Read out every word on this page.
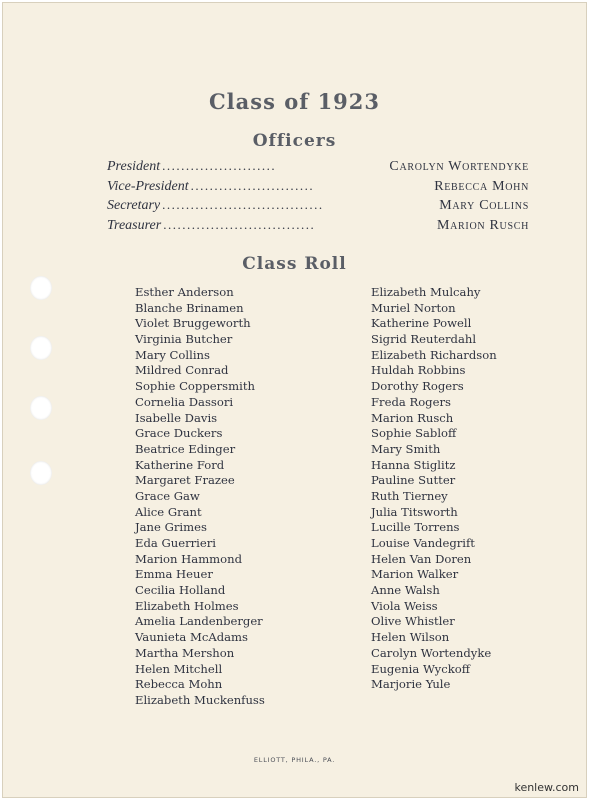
Class of 1923
Officers
President ........................	Carolyn Wortendyke
Vice-President ..........................	Rebecca Mohn
Secretary ..................................	Mary Collins
Treasurer ................................	Marion Rusch
Class Roll
Esther Anderson
Blanche Brinamen
Violet Bruggeworth
Virginia Butcher
Mary Collins
Mildred Conrad
Sophie Coppersmith
Cornelia Dassori
Isabelle Davis
Grace Duckers
Beatrice Edinger
Katherine Ford
Margaret Frazee
Grace Gaw
Alice Grant
Jane Grimes
Eda Guerrieri
Marion Hammond
Emma Heuer
Cecilia Holland
Elizabeth Holmes
Amelia Landenberger
Vaunieta McAdams
Martha Mershon
Helen Mitchell
Rebecca Mohn
Elizabeth Muckenfuss
Elizabeth Mulcahy
Muriel Norton
Katherine Powell
Sigrid Reuterdahl
Elizabeth Richardson
Huldah Robbins
Dorothy Rogers
Freda Rogers
Marion Rusch
Sophie Sabloff
Mary Smith
Hanna Stiglitz
Pauline Sutter
Ruth Tierney
Julia Titsworth
Lucille Torrens
Louise Vandegrift
Helen Van Doren
Marion Walker
Anne Walsh
Viola Weiss
Olive Whistler
Helen Wilson
Carolyn Wortendyke
Eugenia Wyckoff
Marjorie Yule
ELLIOTT, PHILA., PA.
kenlew.com
